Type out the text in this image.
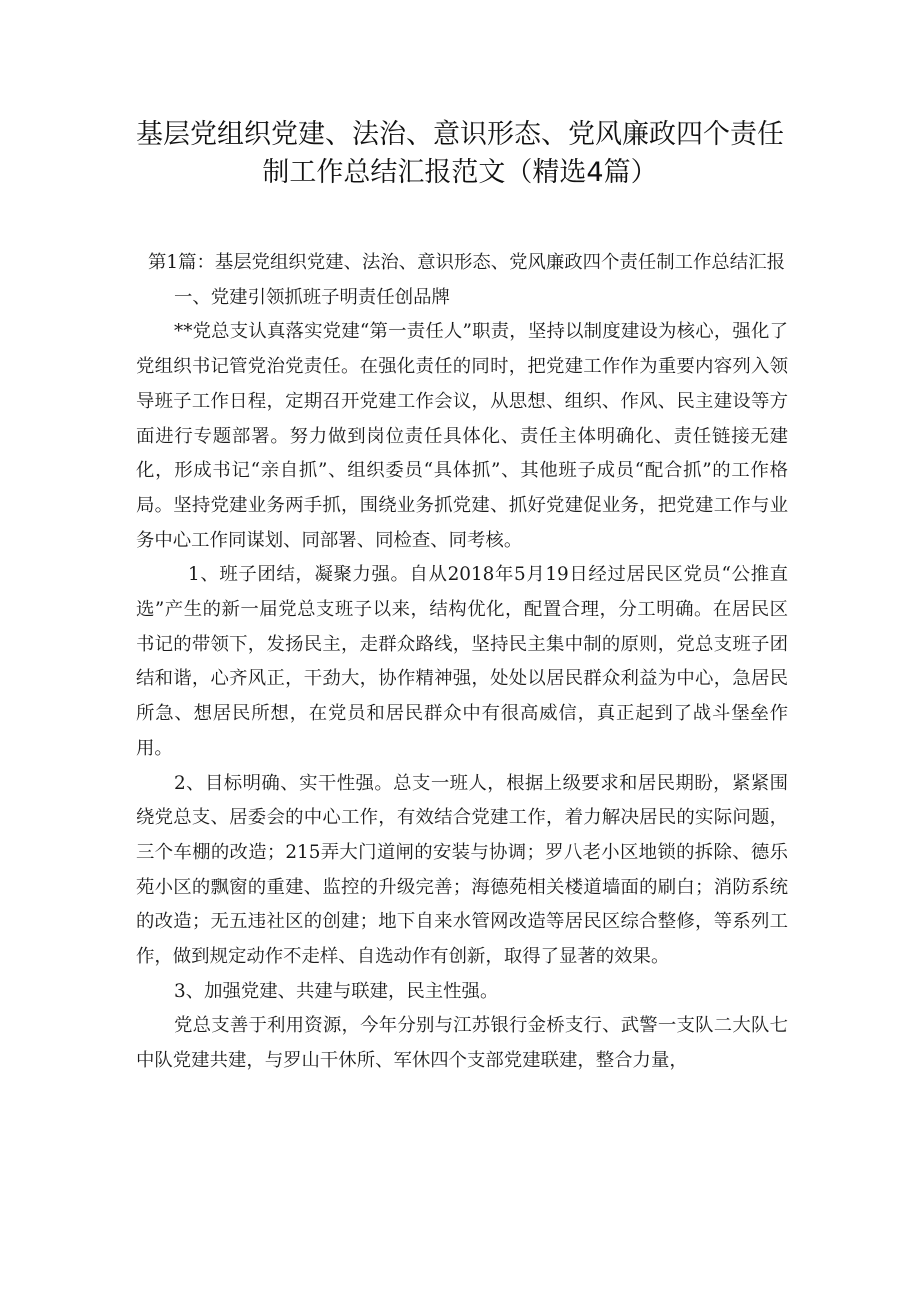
基层党组织党建、法治、意识形态、党风廉政四个责任
制工作总结汇报范文（精选4篇）

第1篇：基层党组织党建、法治、意识形态、党风廉政四个责任制工作总结汇报

一、党建引领抓班子明责任创品牌

**党总支认真落实党建“第一责任人”职责，坚持以制度建设为核心，强化了党组织书记管党治党责任。在强化责任的同时，把党建工作作为重要内容列入领导班子工作日程，定期召开党建工作会议，从思想、组织、作风、民主建设等方面进行专题部署。努力做到岗位责任具体化、责任主体明确化、责任链接无建化，形成书记“亲自抓”、组织委员“具体抓”、其他班子成员“配合抓”的工作格局。坚持党建业务两手抓，围绕业务抓党建、抓好党建促业务，把党建工作与业务中心工作同谋划、同部署、同检查、同考核。

1、班子团结，凝聚力强。自从2018年5月19日经过居民区党员“公推直选”产生的新一届党总支班子以来，结构优化，配置合理，分工明确。在居民区书记的带领下，发扬民主，走群众路线，坚持民主集中制的原则，党总支班子团结和谐，心齐风正，干劲大，协作精神强，处处以居民群众利益为中心，急居民所急、想居民所想，在党员和居民群众中有很高威信，真正起到了战斗堡垒作用。

2、目标明确、实干性强。总支一班人，根据上级要求和居民期盼，紧紧围绕党总支、居委会的中心工作，有效结合党建工作，着力解决居民的实际问题，三个车棚的改造；215弄大门道闸的安装与协调；罗八老小区地锁的拆除、德乐苑小区的飘窗的重建、监控的升级完善；海德苑相关楼道墙面的刷白；消防系统的改造；无五违社区的创建；地下自来水管网改造等居民区综合整修，等系列工作，做到规定动作不走样、自选动作有创新，取得了显著的效果。

3、加强党建、共建与联建，民主性强。

党总支善于利用资源，今年分别与江苏银行金桥支行、武警一支队二大队七中队党建共建，与罗山干休所、军休四个支部党建联建，整合力量，
